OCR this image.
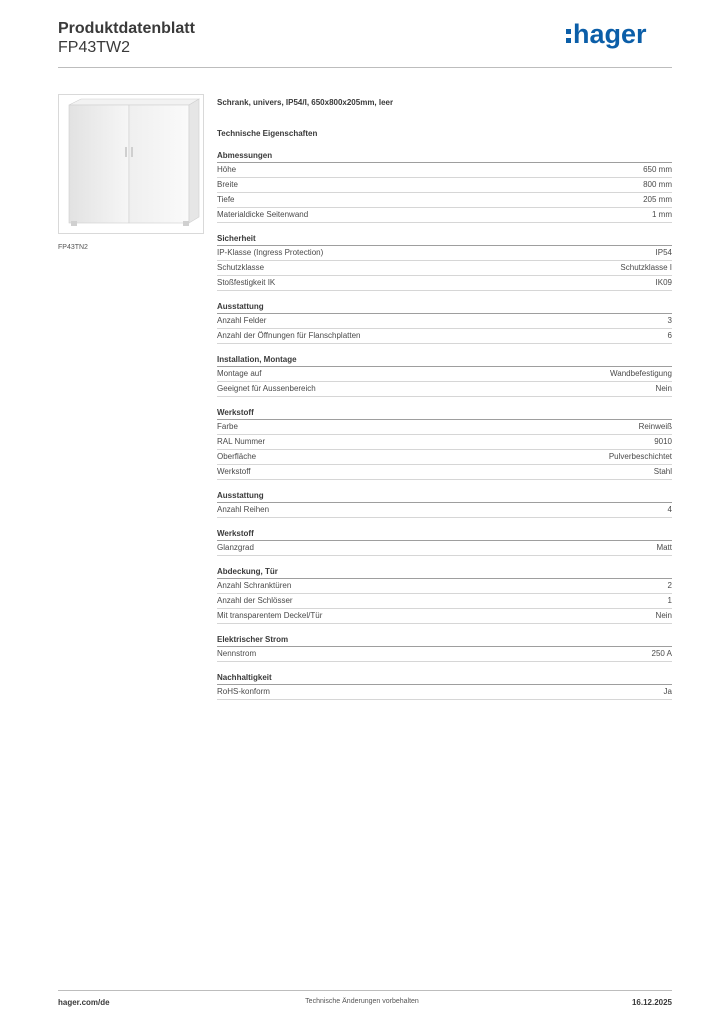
Produktdatenblatt
FP43TW2	hager
FP43TN2

Schrank, univers, IP54/I, 650x800x205mm, leer

Technische Eigenschaften
Abmessungen
Höhe	650 mm
Breite	800 mm
Tiefe	205 mm
Materialdicke Seitenwand	1 mm
Sicherheit
IP-Klasse (Ingress Protection)	IP54
Schutzklasse	Schutzklasse I
Stoßfestigkeit IK	IK09
Ausstattung
Anzahl Felder	3
Anzahl der Öffnungen für Flanschplatten	6
Installation, Montage
Montage auf	Wandbefestigung
Geeignet für Aussenbereich	Nein
Werkstoff
Farbe	Reinweiß
RAL Nummer	9010
Oberfläche	Pulverbeschichtet
Werkstoff	Stahl
Ausstattung
Anzahl Reihen	4
Werkstoff
Glanzgrad	Matt
Abdeckung, Tür
Anzahl Schranktüren	2
Anzahl der Schlösser	1
Mit transparentem Deckel/Tür	Nein
Elektrischer Strom
Nennstrom	250 A
Nachhaltigkeit
RoHS-konform	Ja
hager.com/de	Technische Änderungen vorbehalten	16.12.2025
